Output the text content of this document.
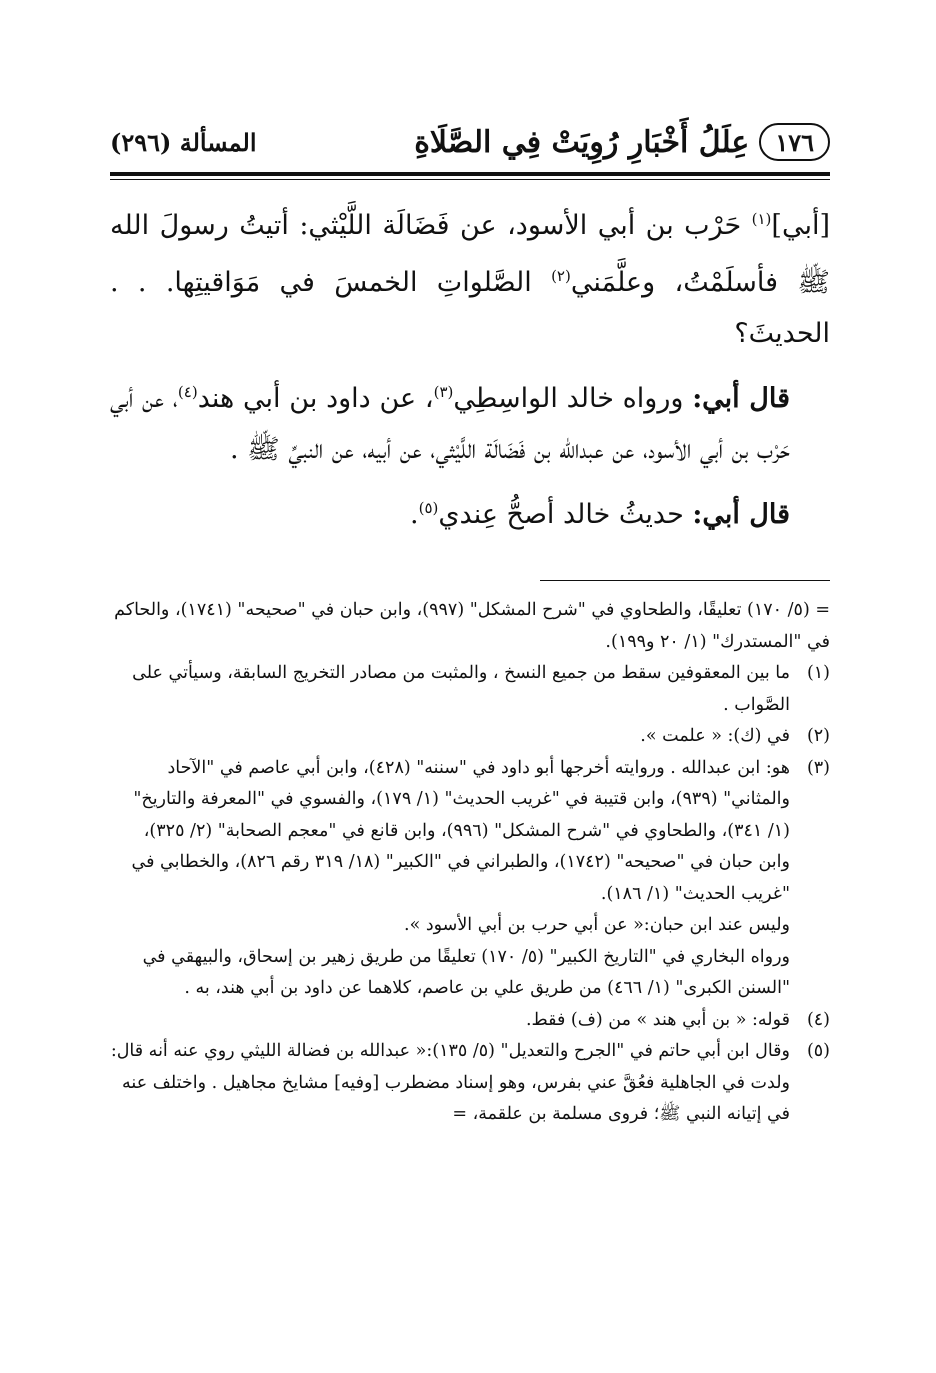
١٧٦
عِلَلُ أَخْبَارِ رُوِيَتْ فِي الصَّلَاةِ
المسألة (٢٩٦)

[أبي]$^{(١)}$ حَرْب بن أبي الأسود، عن فَضَالَة اللَّيْثي: أتيتُ رسولَ الله ﷺ فأسلَمْتُ، وعلَّمَني$^{(٢)}$ الصَّلواتِ الخمسَ في مَوَاقيتِها. . . الحديثَ؟

قال أبي: ورواه خالد الواسِطِي$^{(٣)}$، عن داود بن أبي هند$^{(٤)}$، عن أبي حَرْب بن أبي الأسود، عن عبدالله بن فَضَالَة اللَّيْثي، عن أبيه، عن النبيِّ ﷺ .

قال أبي: حديثُ خالد أصحُّ عِندي$^{(٥)}$.

= (٥/ ١٧٠) تعليقًا، والطحاوي في "شرح المشكل" (٩٩٧)، وابن حبان في "صحيحه" (١٧٤١)، والحاكم في "المستدرك" (١/ ٢٠ و١٩٩).

(١)

ما بين المعقوفين سقط من جميع النسخ ، والمثبت من مصادر التخريج السابقة، وسيأتي على الصَّواب .

(٢)

في (ك): « علمت ».

(٣)

هو: ابن عبدالله . وروايته أخرجها أبو داود في "سننه" (٤٢٨)، وابن أبي عاصم في "الآحاد والمثاني" (٩٣٩)، وابن قتيبة في "غريب الحديث" (١/ ١٧٩)، والفسوي في "المعرفة والتاريخ" (١/ ٣٤١)، والطحاوي في "شرح المشكل" (٩٩٦)، وابن قانع في "معجم الصحابة" (٢/ ٣٢٥)، وابن حبان في "صحيحه" (١٧٤٢)، والطبراني في "الكبير" (١٨/ ٣١٩ رقم ٨٢٦)، والخطابي في "غريب الحديث" (١/ ١٨٦).

وليس عند ابن حبان:« عن أبي حرب بن أبي الأسود ».

ورواه البخاري في "التاريخ الكبير" (٥/ ١٧٠) تعليقًا من طريق زهير بن إسحاق، والبيهقي في "السنن الكبرى" (١/ ٤٦٦) من طريق علي بن عاصم، كلاهما عن داود بن أبي هند، به .

(٤)

قوله: « بن أبي هند » من (ف) فقط.

(٥)

وقال ابن أبي حاتم في "الجرح والتعديل" (٥/ ١٣٥):« عبدالله بن فضالة الليثي روي عنه أنه قال: ولدت في الجاهلية فعُقَّ عني بفرس، وهو إسناد مضطرب [وفيه] مشايخ مجاهيل . واختلف عنه في إتيانه النبي ﷺ؛ فروى مسلمة بن علقمة، =
